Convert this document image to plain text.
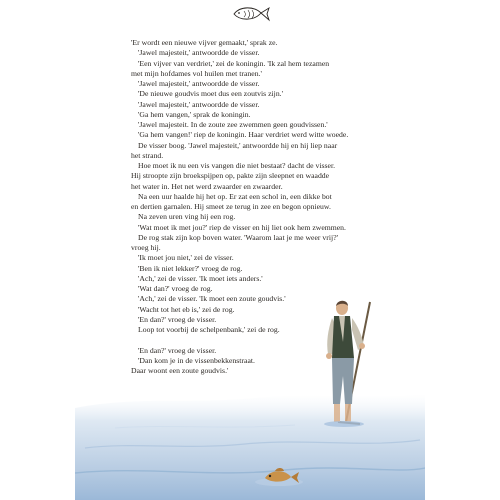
'Er wordt een nieuwe vijver gemaakt,' sprak ze.
'Jawel majesteit,' antwoordde de visser.
'Een vijver van verdriet,' zei de koningin. 'Ik zal hem tezamen
met mijn hofdames vol huilen met tranen.'
'Jawel majesteit,' antwoordde de visser.
'De nieuwe goudvis moet dus een zoutvis zijn.'
'Jawel majesteit,' antwoordde de visser.
'Ga hem vangen,' sprak de koningin.
'Jawel majesteit. In de zoute zee zwemmen geen goudvissen.'
'Ga hem vangen!' riep de koningin. Haar verdriet werd witte woede.
De visser boog. 'Jawel majesteit,' antwoordde hij en hij liep naar
het strand.
Hoe moet ik nu een vis vangen die niet bestaat? dacht de visser.
Hij stroopte zijn broekspijpen op, pakte zijn sleepnet en waadde
het water in. Het net werd zwaarder en zwaarder.
Na een uur haalde hij het op. Er zat een schol in, een dikke bot
en dertien garnalen. Hij smeet ze terug in zee en begon opnieuw.
Na zeven uren ving hij een rog.
'Wat moet ik met jou?' riep de visser en hij liet ook hem zwemmen.
De rog stak zijn kop boven water. 'Waarom laat je me weer vrij?'
vroeg hij.
'Ik moet jou niet,' zei de visser.
'Ben ik niet lekker?' vroeg de rog.
'Ach,' zei de visser. 'Ik moet iets anders.'
'Wat dan?' vroeg de rog.
'Ach,' zei de visser. 'Ik moet een zoute goudvis.'
'Wacht tot het eb is,' zei de rog.
'En dan?' vroeg de visser.
Loop tot voorbij de schelpenbank,' zei de rog.
'En dan?' vroeg de visser.
'Dan kom je in de vissenbekkenstraat.
Daar woont een zoute goudvis.'
